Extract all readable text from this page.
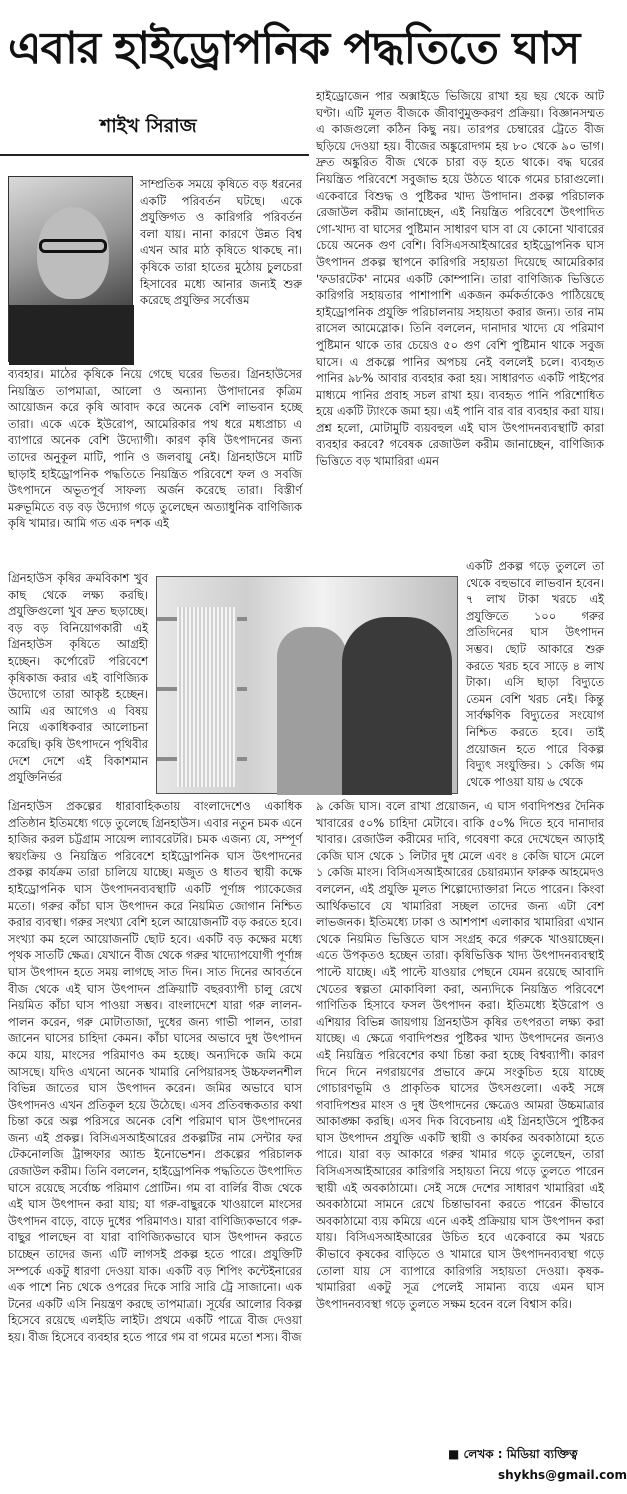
এবার হাইড্রোপনিক পদ্ধতিতে ঘাস
শাইখ সিরাজ

সাম্প্রতিক সময়ে কৃষিতে বড় ধরনের একটি পরিবর্তন ঘটছে। একে প্রযুক্তিগত ও কারিগরি পরিবর্তন বলা যায়। নানা কারণে উন্নত বিশ্ব এখন আর মাঠ কৃষিতে থাকছে না। কৃষিকে তারা হাতের মুঠোয় চুলচেরা হিসাবের মধ্যে আনার জন্যই শুরু করেছে প্রযুক্তির সর্বোত্তম

ব্যবহার। মাঠের কৃষিকে নিয়ে গেছে ঘরের ভিতর। গ্রিনহাউসের নিয়ন্ত্রিত তাপমাত্রা, আলো ও অন্যান্য উপাদানের কৃত্রিম আয়োজন করে কৃষি আবাদ করে অনেক বেশি লাভবান হচ্ছে তারা। একে একে ইউরোপ, আমেরিকার পথ ধরে মধ্যপ্রাচ্য এ ব্যাপারে অনেক বেশি উদ্যোগী। কারণ কৃষি উৎপাদনের জন্য তাদের অনুকূল মাটি, পানি ও জলবায়ু নেই। গ্রিনহাউসে মাটি ছাড়াই হাইড্রোপনিক পদ্ধতিতে নিয়ন্ত্রিত পরিবেশে ফল ও সবজি উৎপাদনে অভূতপূর্ব সাফল্য অর্জন করেছে তারা। বিস্তীর্ণ মরুভূমিতে বড় বড় উদ্যোগ গড়ে তুলেছেন অত্যাধুনিক বাণিজ্যিক কৃষি খামার। আমি গত এক দশক এই

গ্রিনহাউস কৃষির ক্রমবিকাশ খুব কাছ থেকে লক্ষ্য করছি। প্রযুক্তিগুলো খুব দ্রুত ছড়াচ্ছে। বড় বড় বিনিয়োগকারী এই গ্রিনহাউস কৃষিতে আগ্রহী হচ্ছেন। কর্পোরেট পরিবেশে কৃষিকাজ করার এই বাণিজ্যিক উদ্যোগে তারা আকৃষ্ট হচ্ছেন। আমি এর আগেও এ বিষয় নিয়ে একাধিকবার আলোচনা করেছি। কৃষি উৎপাদনে পৃথিবীর দেশে দেশে এই বিকাশমান প্রযুক্তিনির্ভর

গ্রিনহাউস প্রকল্পের ধারাবাহিকতায় বাংলাদেশেও একাধিক প্রতিষ্ঠান ইতিমধ্যে গড়ে তুলেছে গ্রিনহাউস। এবার নতুন চমক এনে হাজির করল চট্টগ্রাম সায়েন্স ল্যাবরেটরি। চমক এজন্য যে, সম্পূর্ণ স্বয়ংক্রিয় ও নিয়ন্ত্রিত পরিবেশে হাইড্রোপনিক ঘাস উৎপাদনের প্রকল্প কার্যক্রম তারা চালিয়ে যাচ্ছে। মজুত ও ধাতব স্থায়ী কক্ষে হাইড্রোপনিক ঘাস উৎপাদনব্যবস্থাটি একটি পূর্ণাঙ্গ প্যাকেজের মতো। গরুর কাঁচা ঘাস উৎপাদন করে নিয়মিত জোগান নিশ্চিত করার ব্যবস্থা। গরুর সংখ্যা বেশি হলে আয়োজনটি বড় করতে হবে। সংখ্যা কম হলে আয়োজনটি ছোট হবে। একটি বড় কক্ষের মধ্যে পৃথক সাতটি ক্ষেত্র। যেখানে বীজ থেকে গরুর খাদ্যোপযোগী পূর্ণাঙ্গ ঘাস উৎপাদন হতে সময় লাগছে সাত দিন। সাত দিনের আবর্তনে বীজ থেকে এই ঘাস উৎপাদন প্রক্রিয়াটি বছরব্যাপী চালু রেখে নিয়মিত কাঁচা ঘাস পাওয়া সম্ভব। বাংলাদেশে যারা গরু লালন-পালন করেন, গরু মোটাতাজা, দুধের জন্য গাভী পালন, তারা জানেন ঘাসের চাহিদা কেমন। কাঁচা ঘাসের অভাবে দুধ উৎপাদন কমে যায়, মাংসের পরিমাণও কম হচ্ছে। অন্যদিকে জমি কমে আসছে। যদিও এখনো অনেক খামারি নেপিয়ারসহ উচ্চফলনশীল বিভিন্ন জাতের ঘাস উৎপাদন করেন। জমির অভাবে ঘাস উৎপাদনও এখন প্রতিকূল হয়ে উঠেছে। এসব প্রতিবন্ধকতার কথা চিন্তা করে অল্প পরিসরে অনেক বেশি পরিমাণ ঘাস উৎপাদনের জন্য এই প্রকল্প। বিসিএসআইআরের প্রকল্পটির নাম সেন্টার ফর টেকনোলজি ট্রান্সফার অ্যান্ড ইনোভেশন। প্রকল্পের পরিচালক রেজাউল করীম। তিনি বললেন, হাইড্রোপনিক পদ্ধতিতে উৎপাদিত ঘাসে রয়েছে সর্বোচ্চ পরিমাণ প্রোটিন। গম বা বার্লির বীজ থেকে এই ঘাস উৎপাদন করা যায়; যা গরু-বাছুরকে খাওয়ালে মাংসের উৎপাদন বাড়ে, বাড়ে দুধের পরিমাণও। যারা বাণিজ্যিকভাবে গরু-বাছুর পালছেন বা যারা বাণিজ্যিকভাবে ঘাস উৎপাদন করতে চাচ্ছেন তাদের জন্য এটি লাগসই প্রকল্প হতে পারে। প্রযুক্তিটি সম্পর্কে একটু ধারণা দেওয়া যাক। একটি বড় শিপিং কন্টেইনারের এক পাশে নিচ থেকে ওপরের দিকে সারি সারি ট্রে সাজানো। এক টনের একটি এসি নিয়ন্ত্রণ করছে তাপমাত্রা। সূর্যের আলোর বিকল্প হিসেবে রয়েছে এলইডি লাইট। প্রথমে একটি পাত্রে বীজ দেওয়া হয়। বীজ হিসেবে ব্যবহার হতে পারে গম বা গমের মতো শস্য। বীজ

হাইড্রোজেন পার অক্সাইডে ভিজিয়ে রাখা হয় ছয় থেকে আট ঘণ্টা। এটি মূলত বীজকে জীবাণুমুক্তকরণ প্রক্রিয়া। বিজ্ঞানসম্মত এ কাজগুলো কঠিন কিছু নয়। তারপর চেম্বারের ট্রেতে বীজ ছড়িয়ে দেওয়া হয়। বীজের অঙ্কুরোদগম হয় ৮০ থেকে ৯০ ভাগ। দ্রুত অঙ্কুরিত বীজ থেকে চারা বড় হতে থাকে। বদ্ধ ঘরের নিয়ন্ত্রিত পরিবেশে সবুজাভ হয়ে উঠতে থাকে গমের চারাগুলো। একেবারে বিশুদ্ধ ও পুষ্টিকর খাদ্য উপাদান। প্রকল্প পরিচালক রেজাউল করীম জানাচ্ছেন, এই নিয়ন্ত্রিত পরিবেশে উৎপাদিত গো-খাদ্য বা ঘাসের পুষ্টিমান সাধারণ ঘাস বা যে কোনো খাবারের চেয়ে অনেক গুণ বেশি। বিসিএসআইআরের হাইড্রোপনিক ঘাস উৎপাদন প্রকল্প স্থাপনে কারিগরি সহায়তা দিয়েছে আমেরিকার 'ফডারটেক' নামের একটি কোম্পানি। তারা বাণিজ্যিক ভিত্তিতে কারিগরি সহায়তার পাশাপাশি একজন কর্মকর্তাকেও পাঠিয়েছে হাইড্রোপনিক প্রযুক্তি পরিচালনায় সহায়তা করার জন্য। তার নাম রাসেল আমেস্লোক। তিনি বললেন, দানাদার খাদ্যে যে পরিমাণ পুষ্টিমান থাকে তার চেয়েও ৫০ গুণ বেশি পুষ্টিমান থাকে সবুজ ঘাসে। এ প্রকল্পে পানির অপচয় নেই বললেই চলে। ব্যবহৃত পানির ৯৮% আবার ব্যবহার করা হয়। সাধারণত একটি পাইপের মাধ্যমে পানির প্রবাহ সচল রাখা হয়। ব্যবহৃত পানি পরিশোধিত হয়ে একটি ট্যাংকে জমা হয়। এই পানি বার বার ব্যবহার করা যায়। প্রশ্ন হলো, মোটামুটি ব্যয়বহুল এই ঘাস উৎপাদনব্যবস্থাটি কারা ব্যবহার করবে? গবেষক রেজাউল করীম জানাচ্ছেন, বাণিজ্যিক ভিত্তিতে বড় খামারিরা এমন

একটি প্রকল্প গড়ে তুললে তা থেকে বহুভাবে লাভবান হবেন। ৭ লাখ টাকা খরচে এই প্রযুক্তিতে ১০০ গরুর প্রতিদিনের ঘাস উৎপাদন সম্ভব। ছোট আকারে শুরু করতে খরচ হবে সাড়ে ৪ লাখ টাকা। এসি ছাড়া বিদ্যুতে তেমন বেশি খরচ নেই। কিন্তু সার্বক্ষণিক বিদ্যুতের সংযোগ নিশ্চিত করতে হবে। তাই প্রয়োজন হতে পারে বিকল্প বিদ্যুৎ সংযুক্তির। ১ কেজি গম থেকে পাওয়া যায় ৬ থেকে

৯ কেজি ঘাস। বলে রাখা প্রয়োজন, এ ঘাস গবাদিপশুর দৈনিক খাবারের ৫০% চাহিদা মেটাবে। বাকি ৫০% দিতে হবে দানাদার খাবার। রেজাউল করীমের দাবি, গবেষণা করে দেখেছেন আড়াই কেজি ঘাস থেকে ১ লিটার দুধ মেলে এবং ৪ কেজি ঘাসে মেলে ১ কেজি মাংস। বিসিএসআইআরের চেয়ারম্যান ফারুক আহমেদও বললেন, এই প্রযুক্তি মূলত শিল্পোদ্যোক্তারা নিতে পারেন। কিংবা আর্থিকভাবে যে খামারিরা সচ্ছল তাদের জন্য এটা বেশ লাভজনক। ইতিমধ্যে ঢাকা ও আশপাশ এলাকার খামারিরা এখান থেকে নিয়মিত ভিত্তিতে ঘাস সংগ্রহ করে গরুকে খাওয়াচ্ছেন। এতে উপকৃতও হচ্ছেন তারা। কৃষিভিত্তিক খাদ্য উৎপাদনব্যবস্থাই পাল্টে যাচ্ছে। এই পাল্টে যাওয়ার পেছনে যেমন রয়েছে আবাদি খেতের স্বল্পতা মোকাবিলা করা, অন্যদিকে নিয়ন্ত্রিত পরিবেশে গাণিতিক হিসাবে ফসল উৎপাদন করা। ইতিমধ্যে ইউরোপ ও এশিয়ার বিভিন্ন জায়গায় গ্রিনহাউস কৃষির তৎপরতা লক্ষ্য করা যাচ্ছে। এ ক্ষেত্রে গবাদিপশুর পুষ্টিকর খাদ্য উৎপাদনের জন্যও এই নিয়ন্ত্রিত পরিবেশের কথা চিন্তা করা হচ্ছে বিশ্বব্যাপী। কারণ দিনে দিনে নগরায়ণের প্রভাবে ক্রমে সংকুচিত হয়ে যাচ্ছে গোচারণভূমি ও প্রাকৃতিক ঘাসের উৎসগুলো। একই সঙ্গে গবাদিপশুর মাংস ও দুধ উৎপাদনের ক্ষেত্রেও আমরা উচ্চমাত্রার আকাঙ্ক্ষা করছি। এসব দিক বিবেচনায় এই গ্রিনহাউসে পুষ্টিকর ঘাস উৎপাদন প্রযুক্তি একটি স্থায়ী ও কার্যকর অবকাঠামো হতে পারে। যারা বড় আকারে গরুর খামার গড়ে তুলেছেন, তারা বিসিএসআইআরের কারিগরি সহায়তা নিয়ে গড়ে তুলতে পারেন স্থায়ী এই অবকাঠামো। সেই সঙ্গে দেশের সাধারণ খামারিরা এই অবকাঠামো সামনে রেখে চিন্তাভাবনা করতে পারেন কীভাবে অবকাঠামো ব্যয় কমিয়ে এনে একই প্রক্রিয়ায় ঘাস উৎপাদন করা যায়। বিসিএসআইআরের উচিত হবে একেবারে কম খরচে কীভাবে কৃষকের বাড়িতে ও খামারে ঘাস উৎপাদনব্যবস্থা গড়ে তোলা যায় সে ব্যাপারে কারিগরি সহায়তা দেওয়া। কৃষক-খামারিরা একটু সূত্র পেলেই সামান্য ব্যয়ে এমন ঘাস উৎপাদনব্যবস্থা গড়ে তুলতে সক্ষম হবেন বলে বিশ্বাস করি।

■ লেখক : মিডিয়া ব্যক্তিত্ব
shykhs@gmail.com
